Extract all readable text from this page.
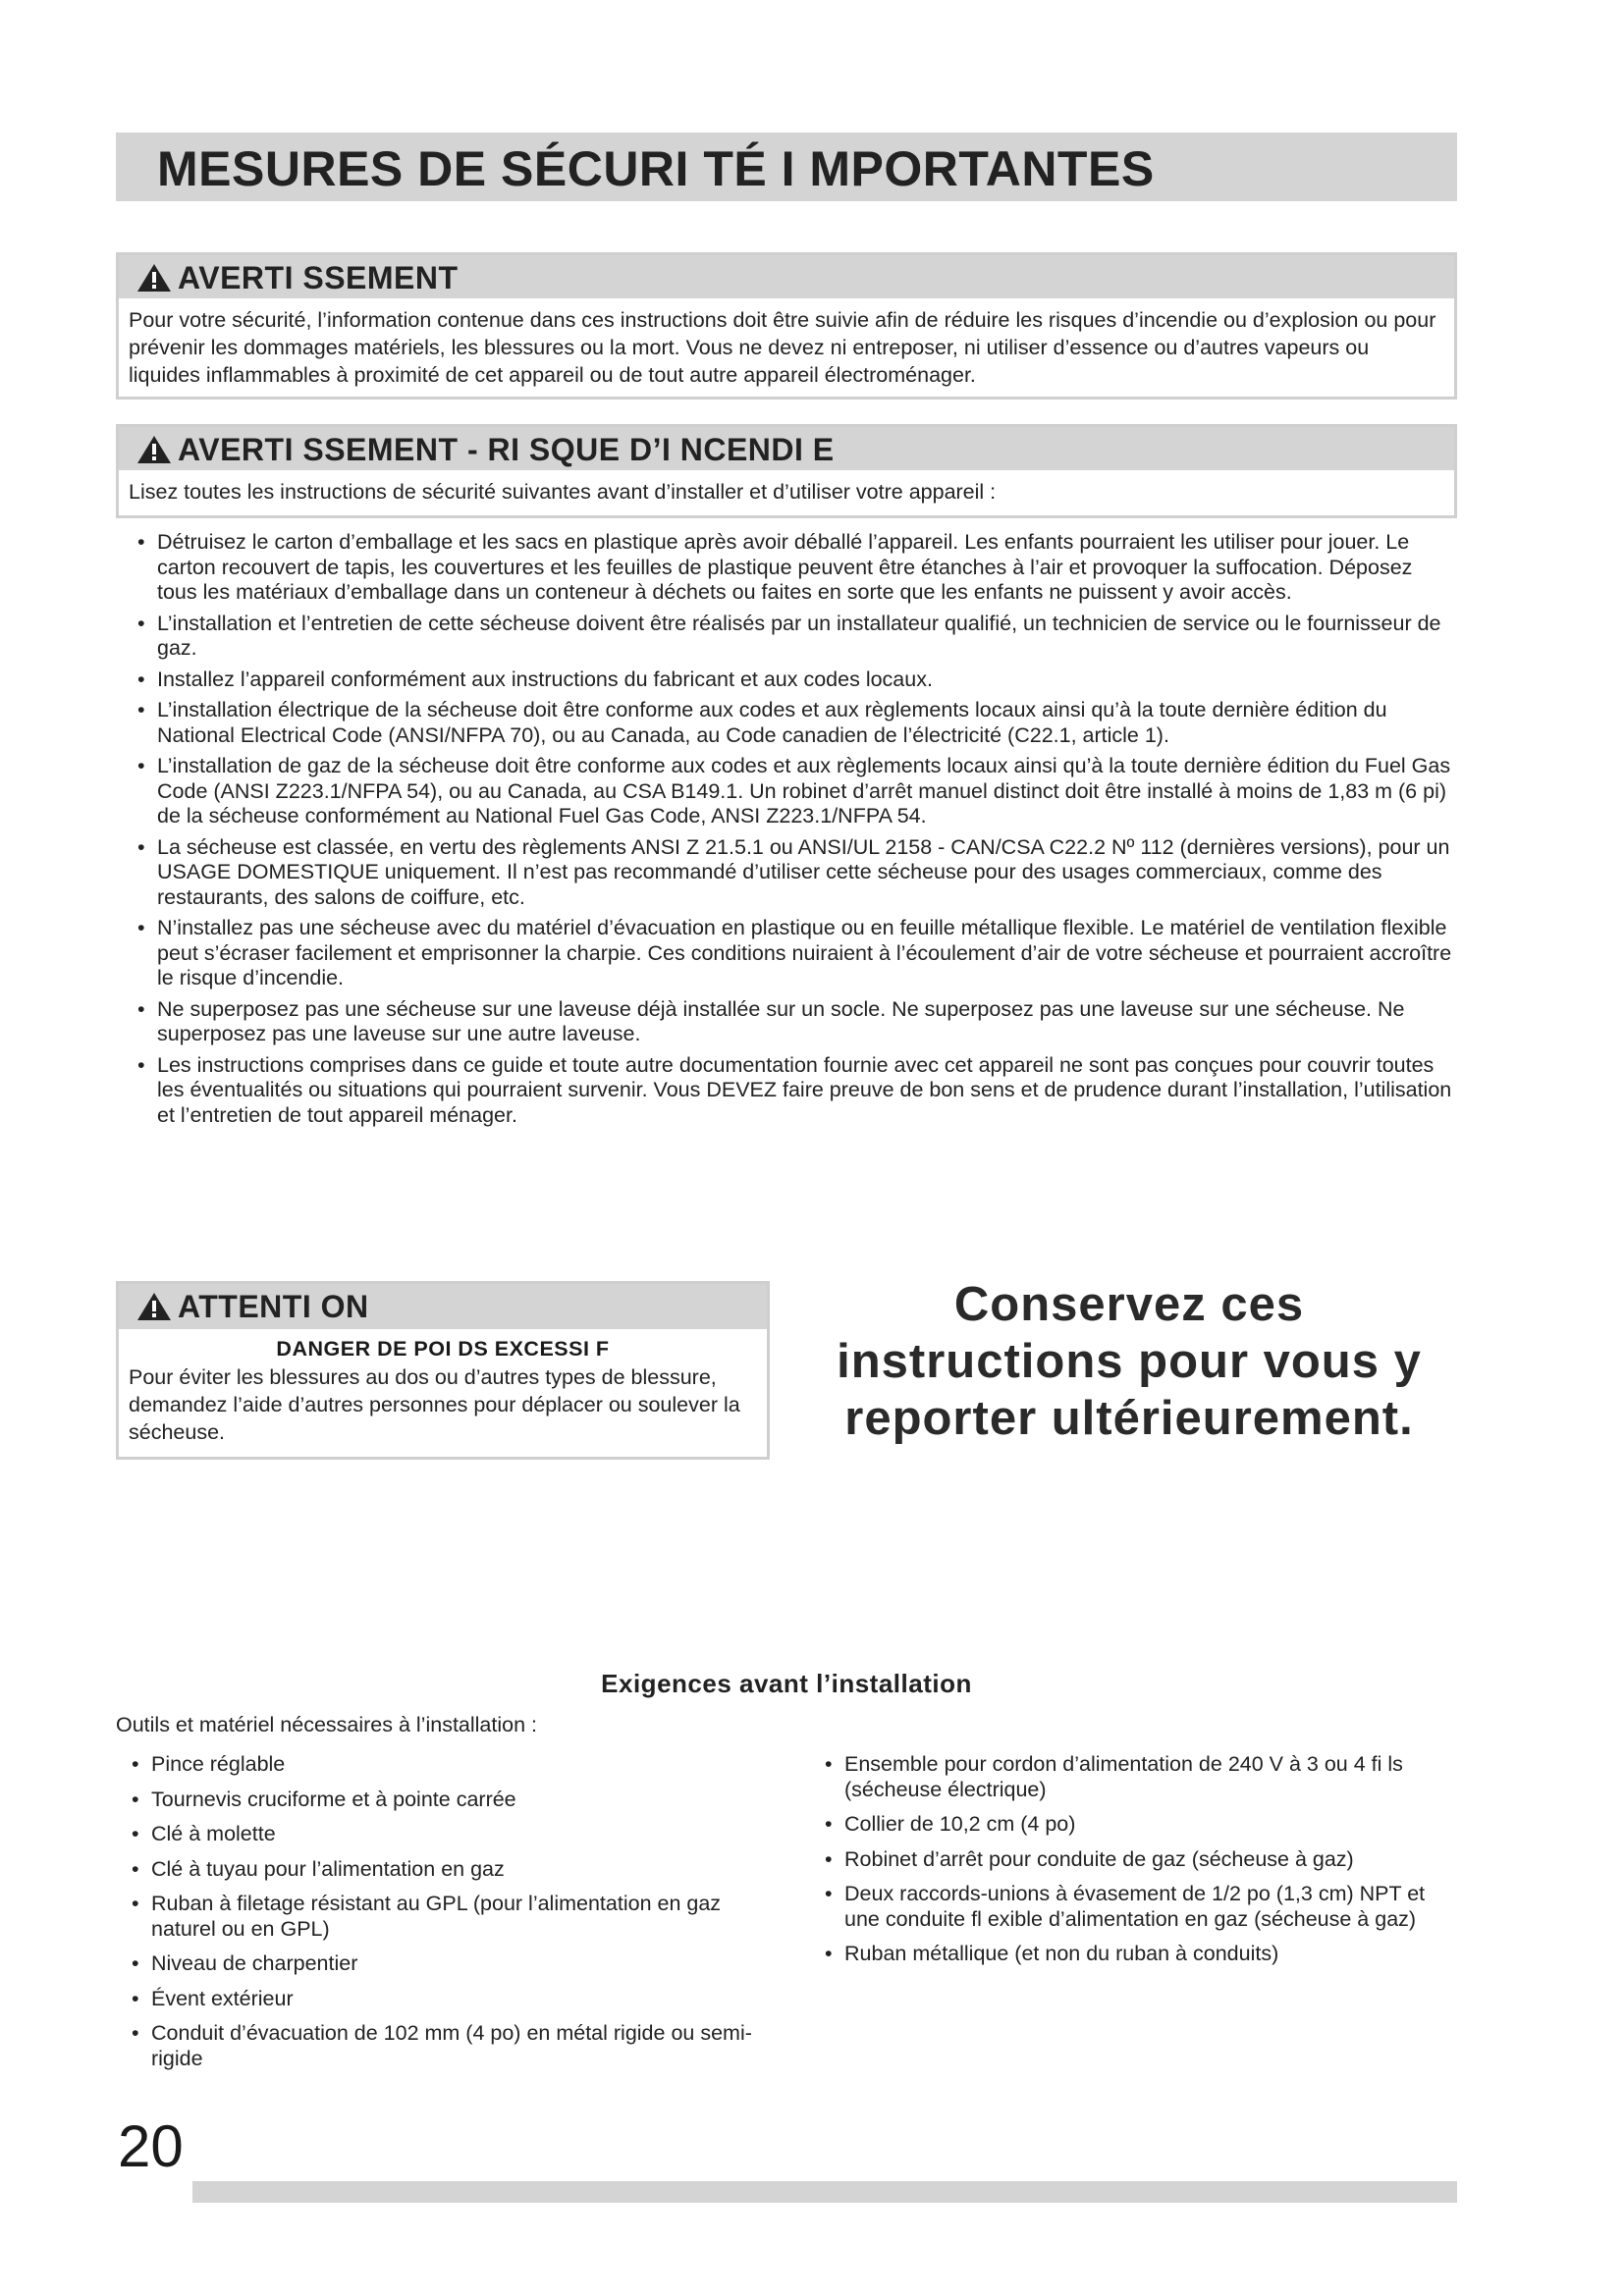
MESURES DE SÉCURI TÉ I MPORTANTES
AVERTI SSEMENT
Pour votre sécurité, l’information contenue dans ces instructions doit être suivie afin de réduire les risques d’incendie ou d’explosion ou pour prévenir les dommages matériels, les blessures ou la mort. Vous ne devez ni entreposer, ni utiliser d’essence ou d’autres vapeurs ou liquides inflammables à proximité de cet appareil ou de tout autre appareil électroménager.
AVERTI SSEMENT - RI SQUE D’I NCENDI E
Lisez toutes les instructions de sécurité suivantes avant d’installer et d’utiliser votre appareil :
• Détruisez le carton d’emballage et les sacs en plastique après avoir déballé l’appareil. Les enfants pourraient les utiliser pour jouer. Le carton recouvert de tapis, les couvertures et les feuilles de plastique peuvent être étanches à l’air et provoquer la suffocation. Déposez tous les matériaux d’emballage dans un conteneur à déchets ou faites en sorte que les enfants ne puissent y avoir accès.
• L’installation et l’entretien de cette sécheuse doivent être réalisés par un installateur qualifié, un technicien de service ou le fournisseur de gaz.
• Installez l’appareil conformément aux instructions du fabricant et aux codes locaux.
• L’installation électrique de la sécheuse doit être conforme aux codes et aux règlements locaux ainsi qu’à la toute dernière édition du National Electrical Code (ANSI/NFPA 70), ou au Canada, au Code canadien de l’électricité (C22.1, article 1).
• L’installation de gaz de la sécheuse doit être conforme aux codes et aux règlements locaux ainsi qu’à la toute dernière édition du Fuel Gas Code (ANSI Z223.1/NFPA 54), ou au Canada, au CSA B149.1. Un robinet d’arrêt manuel distinct doit être installé à moins de 1,83 m (6 pi) de la sécheuse conformément au National Fuel Gas Code, ANSI Z223.1/NFPA 54.
• La sécheuse est classée, en vertu des règlements ANSI Z 21.5.1 ou ANSI/UL 2158 - CAN/CSA C22.2 Nº 112 (dernières versions), pour un USAGE DOMESTIQUE uniquement. Il n’est pas recommandé d’utiliser cette sécheuse pour des usages commerciaux, comme des restaurants, des salons de coiffure, etc.
• N’installez pas une sécheuse avec du matériel d’évacuation en plastique ou en feuille métallique flexible. Le matériel de ventilation flexible peut s’écraser facilement et emprisonner la charpie. Ces conditions nuiraient à l’écoulement d’air de votre sécheuse et pourraient accroître le risque d’incendie.
• Ne superposez pas une sécheuse sur une laveuse déjà installée sur un socle. Ne superposez pas une laveuse sur une sécheuse. Ne superposez pas une laveuse sur une autre laveuse.
• Les instructions comprises dans ce guide et toute autre documentation fournie avec cet appareil ne sont pas conçues pour couvrir toutes les éventualités ou situations qui pourraient survenir. Vous DEVEZ faire preuve de bon sens et de prudence durant l’installation, l’utilisation et l’entretien de tout appareil ménager.
ATTENTI ON
DANGER DE POI DS EXCESSI F
Pour éviter les blessures au dos ou d’autres types de blessure, demandez l’aide d’autres personnes pour déplacer ou soulever la sécheuse.
Conservez ces
instructions pour vous y
reporter ultérieurement.
Exigences avant l’installation
Outils et matériel nécessaires à l’installation :
• Pince réglable
• Tournevis cruciforme et à pointe carrée
• Clé à molette
• Clé à tuyau pour l’alimentation en gaz
• Ruban à filetage résistant au GPL (pour l’alimentation en gaz naturel ou en GPL)
• Niveau de charpentier
• Évent extérieur
• Conduit d’évacuation de 102 mm (4 po) en métal rigide ou semi-rigide
• Ensemble pour cordon d’alimentation de 240 V à 3 ou 4 fi ls (sécheuse électrique)
• Collier de 10,2 cm (4 po)
• Robinet d’arrêt pour conduite de gaz (sécheuse à gaz)
• Deux raccords-unions à évasement de 1/2 po (1,3 cm) NPT et une conduite fl exible d’alimentation en gaz (sécheuse à gaz)
• Ruban métallique (et non du ruban à conduits)
20
